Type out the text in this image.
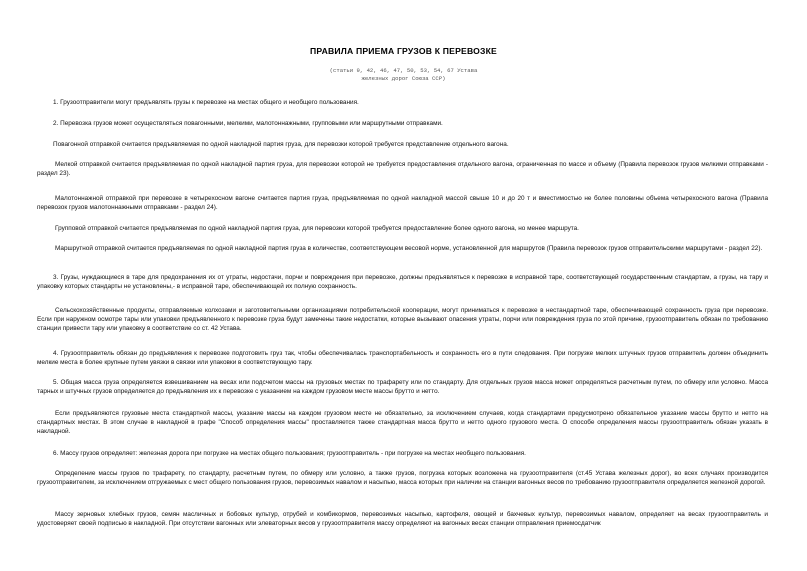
ПРАВИЛА ПРИЕМА ГРУЗОВ К ПЕРЕВОЗКЕ
(статьи 9, 42, 46, 47, 50, 53, 54, 67 Устава
железных дорог Союза ССР)
1. Грузоотправители могут предъявлять грузы к перевозке на местах общего и необщего пользования.
2. Перевозка грузов может осуществляться повагонными, мелкими, малотоннажными, групповыми или маршрутными отправками.
Повагонной отправкой считается предъявляемая по одной накладной партия груза, для перевозки которой требуется представление отдельного вагона.
Мелкой отправкой считается предъявляемая по одной накладной партия груза, для перевозки которой не требуется предоставления отдельного вагона, ограниченная по массе и объему (Правила перевозок грузов мелкими отправками - раздел 23).
Малотоннажной отправкой при перевозке в четырехосном вагоне считается партия груза, предъявляемая по одной накладной массой свыше 10 и до 20 т и вместимостью не более половины объема четырехосного вагона (Правила перевозок грузов малотоннажными отправками - раздел 24).
Групповой отправкой считается предъявляемая по одной накладной партия груза, для перевозки которой требуется предоставление более одного вагона, но менее маршрута.
Маршрутной отправкой считается предъявляемая по одной накладной партия груза в количестве, соответствующем весовой норме, установленной для маршрутов (Правила перевозок грузов отправительскими маршрутами - раздел 22).
3. Грузы, нуждающиеся в таре для предохранения их от утраты, недостачи, порчи и повреждения при перевозке, должны предъявляться к перевозке в исправной таре, соответствующей государственным стандартам, а грузы, на тару и упаковку которых стандарты не установлены,- в исправной таре, обеспечивающей их полную сохранность.
Сельскохозяйственные продукты, отправляемые колхозами и заготовительными организациями потребительской кооперации, могут приниматься к перевозке в нестандартной таре, обеспечивающей сохранность груза при перевозке. Если при наружном осмотре тары или упаковки предъявленного к перевозке груза будут замечены такие недостатки, которые вызывают опасения утраты, порчи или повреждения груза по этой причине, грузоотправитель обязан по требованию станции привести тару или упаковку в соответствие со ст. 42 Устава.
4. Грузоотправитель обязан до предъявления к перевозке подготовить груз так, чтобы обеспечивалась транспортабельность и сохранность его в пути следования. При погрузке мелких штучных грузов отправитель должен объединить мелкие места в более крупные путем увязки в связки или упаковки в соответствующую тару.
5. Общая масса груза определяется взвешиванием на весах или подсчетом массы на грузовых местах по трафарету или по стандарту. Для отдельных грузов масса может определяться расчетным путем, по обмеру или условно. Масса тарных и штучных грузов определяется до предъявления их к перевозке с указанием на каждом грузовом месте массы брутто и нетто.
Если предъявляются грузовые места стандартной массы, указание массы на каждом грузовом месте не обязательно, за исключением случаев, когда стандартами предусмотрено обязательное указание массы брутто и нетто на стандартных местах. В этом случае в накладной в графе "Способ определения массы" проставляется также стандартная масса брутто и нетто одного грузового места. О способе определения массы грузоотправитель обязан указать в накладной.
6. Массу грузов определяет: железная дорога при погрузке на местах общего пользования; грузоотправитель - при погрузке на местах необщего пользования.
Определение массы грузов по трафарету, по стандарту, расчетным путем, по обмеру или условно, а также грузов, погрузка которых возложена на грузоотправителя (ст.45 Устава железных дорог), во всех случаях производится грузоотправителем, за исключением отгружаемых с мест общего пользования грузов, перевозимых навалом и насыпью, масса которых при наличии на станции вагонных весов по требованию грузоотправителя определяется железной дорогой.
Массу зерновых хлебных грузов, семян масличных и бобовых культур, отрубей и комбикормов, перевозимых насыпью, картофеля, овощей и бахчевых культур, перевозимых навалом, определяет на весах грузоотправитель и удостоверяет своей подписью в накладной. При отсутствии вагонных или элеваторных весов у грузоотправителя массу определяют на вагонных весах станции отправления приемосдатчик
